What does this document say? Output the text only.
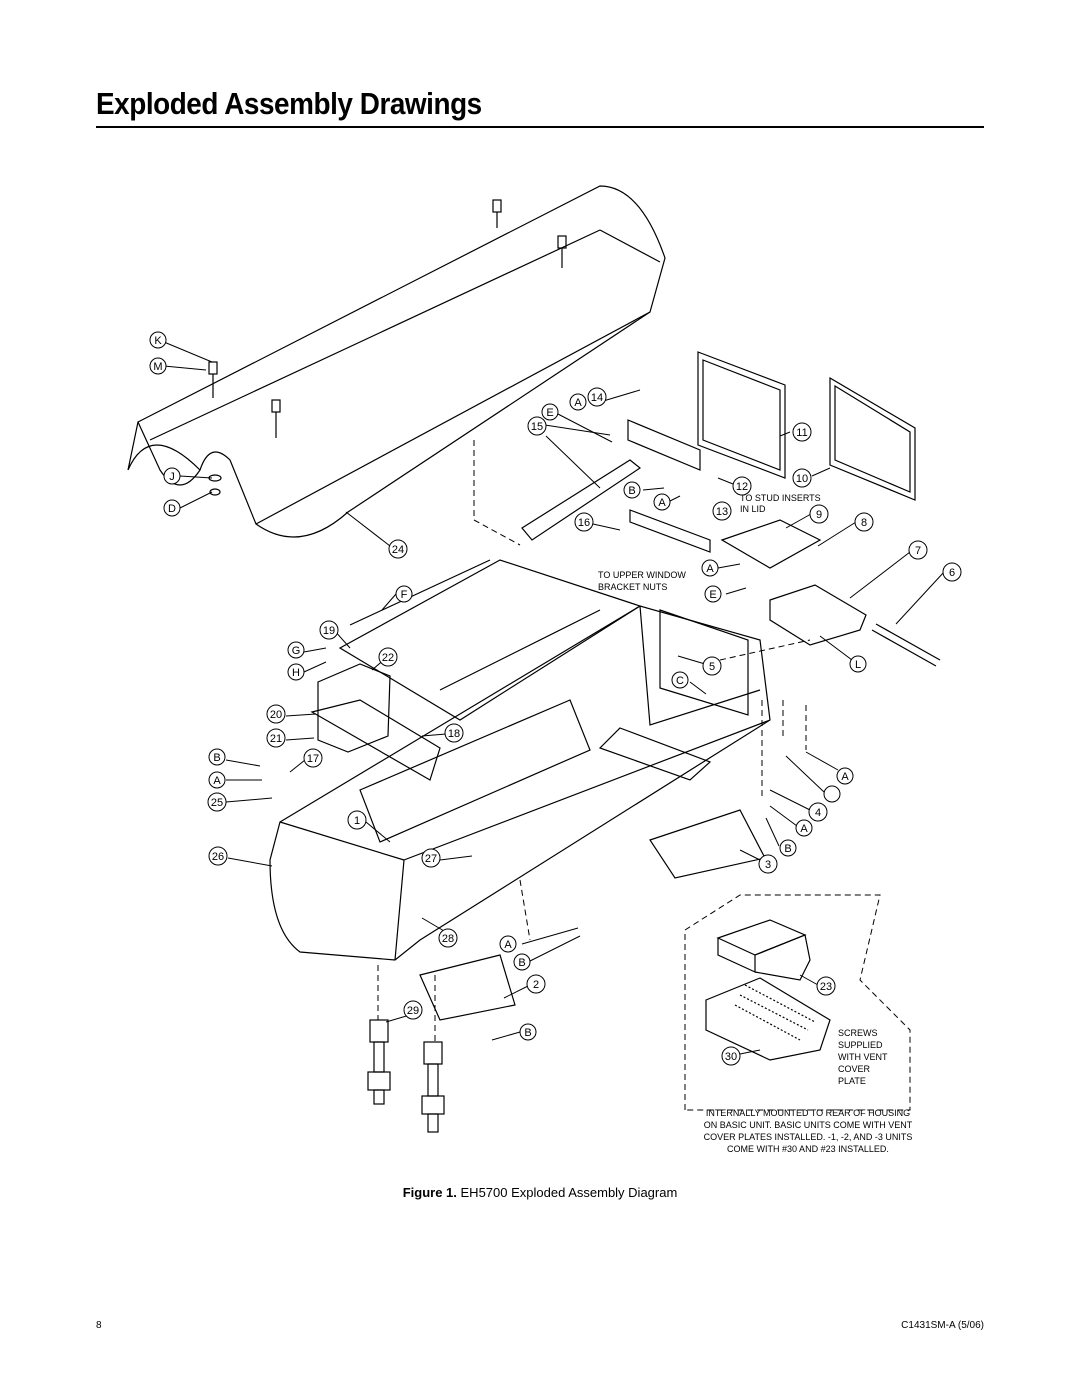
Exploded Assembly Drawings
K
M
J
D
24
A 14
E
15
B
A
16
12
13
11
10
9
8
7
6
A
E
F
19
G
H
22
5
C
L
20
21	18
17
B
A
25
A
4
A
B
3
1
26	27
28	A
B
2
29
B
23
30
TO STUD INSERTS
IN LID
TO UPPER WINDOW
BRACKET NUTS
SCREWS
SUPPLIED
WITH VENT
COVER
PLATE
INTERNALLY MOUNTED TO REAR OF HOUSING
ON BASIC UNIT. BASIC UNITS COME WITH VENT
COVER PLATES INSTALLED. -1, -2, AND -3 UNITS
COME WITH #30 AND #23 INSTALLED.
Figure 1. EH5700 Exploded Assembly Diagram
8	C1431SM-A (5/06)
